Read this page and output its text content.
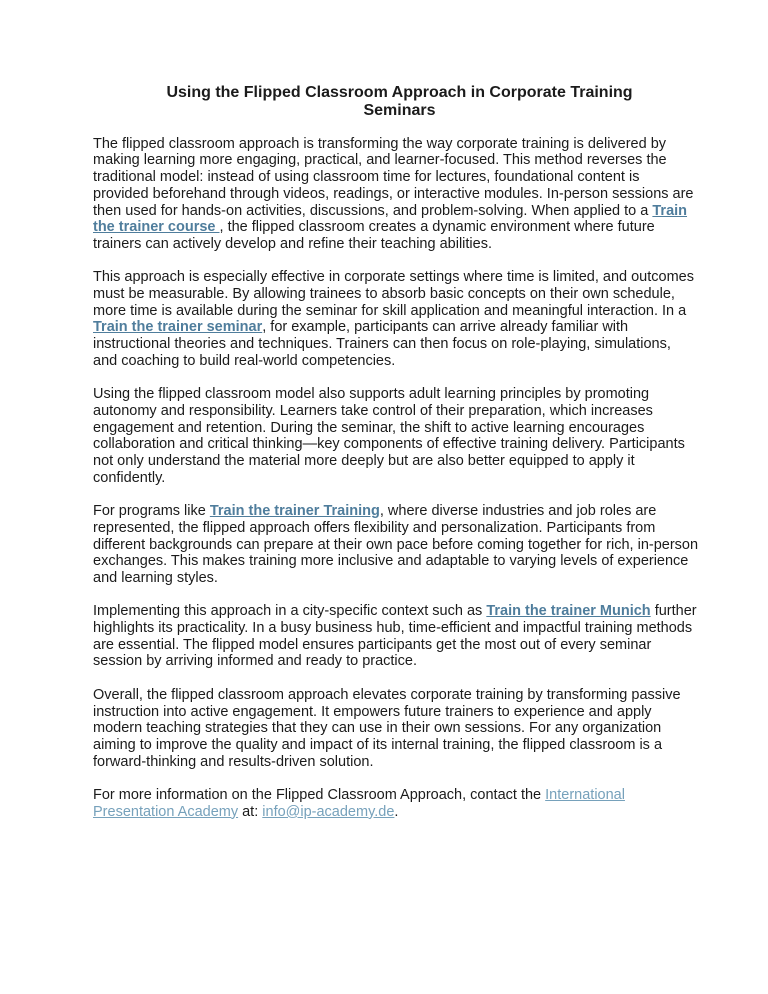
Using the Flipped Classroom Approach in Corporate Training Seminars

The flipped classroom approach is transforming the way corporate training is delivered by making learning more engaging, practical, and learner-focused. This method reverses the traditional model: instead of using classroom time for lectures, foundational content is provided beforehand through videos, readings, or interactive modules. In-person sessions are then used for hands-on activities, discussions, and problem-solving. When applied to a Train the trainer course , the flipped classroom creates a dynamic environment where future trainers can actively develop and refine their teaching abilities.

This approach is especially effective in corporate settings where time is limited, and outcomes must be measurable. By allowing trainees to absorb basic concepts on their own schedule, more time is available during the seminar for skill application and meaningful interaction. In a Train the trainer seminar, for example, participants can arrive already familiar with instructional theories and techniques. Trainers can then focus on role-playing, simulations, and coaching to build real-world competencies.

Using the flipped classroom model also supports adult learning principles by promoting autonomy and responsibility. Learners take control of their preparation, which increases engagement and retention. During the seminar, the shift to active learning encourages collaboration and critical thinking—key components of effective training delivery. Participants not only understand the material more deeply but are also better equipped to apply it confidently.

For programs like Train the trainer Training, where diverse industries and job roles are represented, the flipped approach offers flexibility and personalization. Participants from different backgrounds can prepare at their own pace before coming together for rich, in-person exchanges. This makes training more inclusive and adaptable to varying levels of experience and learning styles.

Implementing this approach in a city-specific context such as Train the trainer Munich further highlights its practicality. In a busy business hub, time-efficient and impactful training methods are essential. The flipped model ensures participants get the most out of every seminar session by arriving informed and ready to practice.

Overall, the flipped classroom approach elevates corporate training by transforming passive instruction into active engagement. It empowers future trainers to experience and apply modern teaching strategies that they can use in their own sessions. For any organization aiming to improve the quality and impact of its internal training, the flipped classroom is a forward-thinking and results-driven solution.

For more information on the Flipped Classroom Approach, contact the International Presentation Academy at: info@ip-academy.de.
